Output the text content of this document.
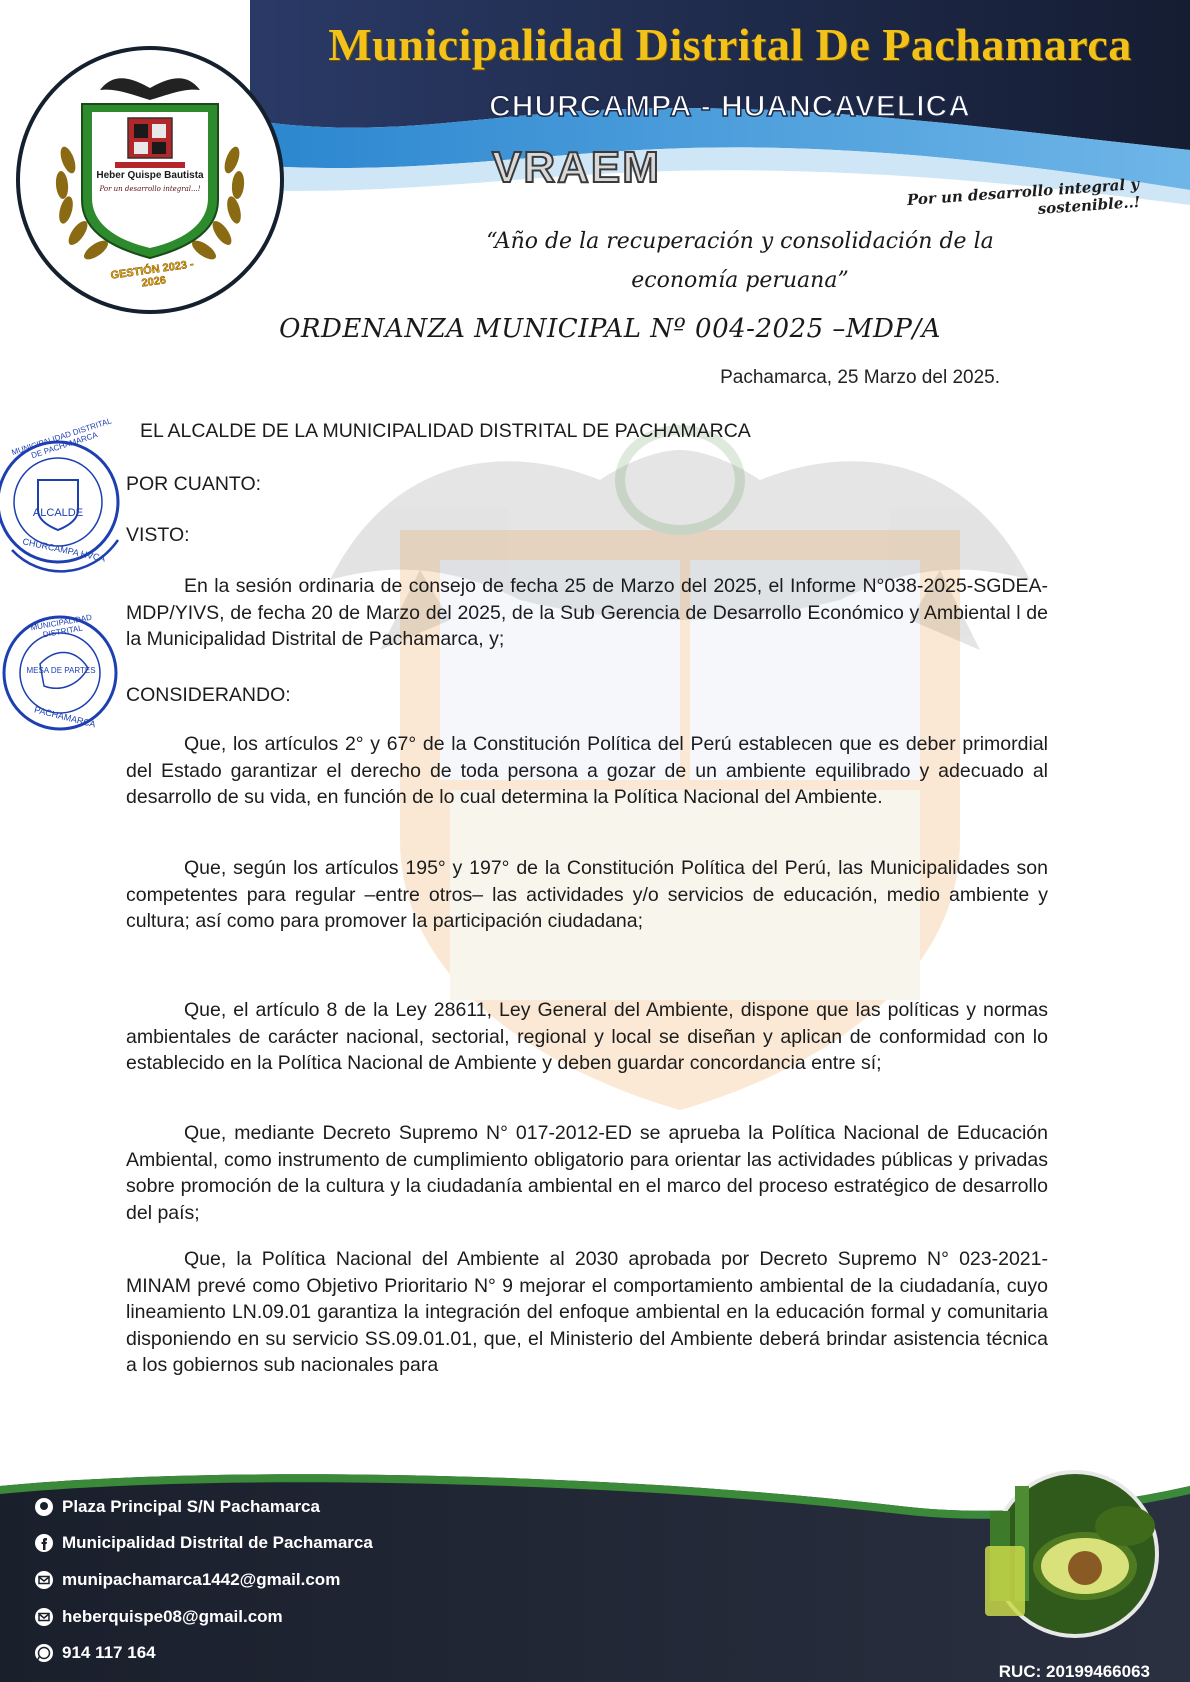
Municipalidad Distrital De Pachamarca
CHURCAMPA - HUANCAVELICA
VRAEM	Por un desarrollo integral y sostenible..!
Heber Quispe Bautista
Por un desarrollo integral...!
GESTIÓN 2023 - 2026
“Año de la recuperación y consolidación de la
economía peruana”
ORDENANZA MUNICIPAL Nº 004-2025 –MDP/A
Pachamarca, 25 Marzo del 2025.
MUNICIPALIDAD DISTRITAL DE PACHAMARCA
ALCALDE
CHURCAMPA HVCA
MUNICIPALIDAD DISTRITAL
MESA DE PARTES
PACHAMARCA
EL ALCALDE DE LA MUNICIPALIDAD DISTRITAL DE PACHAMARCA
POR CUANTO:
VISTO:
En la sesión ordinaria de consejo de fecha 25 de Marzo del 2025, el Informe N°038-2025-SGDEA-MDP/YIVS, de fecha 20 de Marzo del 2025, de la Sub Gerencia de Desarrollo Económico y Ambiental l de la Municipalidad Distrital de Pachamarca, y;
CONSIDERANDO:
Que, los artículos 2° y 67° de la Constitución Política del Perú establecen que es deber primordial del Estado garantizar el derecho de toda persona a gozar de un ambiente equilibrado y adecuado al desarrollo de su vida, en función de lo cual determina la Política Nacional del Ambiente.
Que, según los artículos 195° y 197° de la Constitución Política del Perú, las Municipalidades son competentes para regular –entre otros– las actividades y/o servicios de educación, medio ambiente y cultura; así como para promover la participación ciudadana;
Que, el artículo 8 de la Ley 28611, Ley General del Ambiente, dispone que las políticas y normas ambientales de carácter nacional, sectorial, regional y local se diseñan y aplican de conformidad con lo establecido en la Política Nacional de Ambiente y deben guardar concordancia entre sí;
Que, mediante Decreto Supremo N° 017-2012-ED se aprueba la Política Nacional de Educación Ambiental, como instrumento de cumplimiento obligatorio para orientar las actividades públicas y privadas sobre promoción de la cultura y la ciudadanía ambiental en el marco del proceso estratégico de desarrollo del país;
Que, la Política Nacional del Ambiente al 2030 aprobada por Decreto Supremo N° 023-2021-MINAM prevé como Objetivo Prioritario N° 9 mejorar el comportamiento ambiental de la ciudadanía, cuyo lineamiento LN.09.01 garantiza la integración del enfoque ambiental en la educación formal y comunitaria disponiendo en su servicio SS.09.01.01, que, el Ministerio del Ambiente deberá brindar asistencia técnica a los gobiernos sub nacionales para
Plaza Principal S/N Pachamarca
Municipalidad Distrital de Pachamarca
munipachamarca1442@gmail.com
heberquispe08@gmail.com
914 117 164
RUC: 20199466063
